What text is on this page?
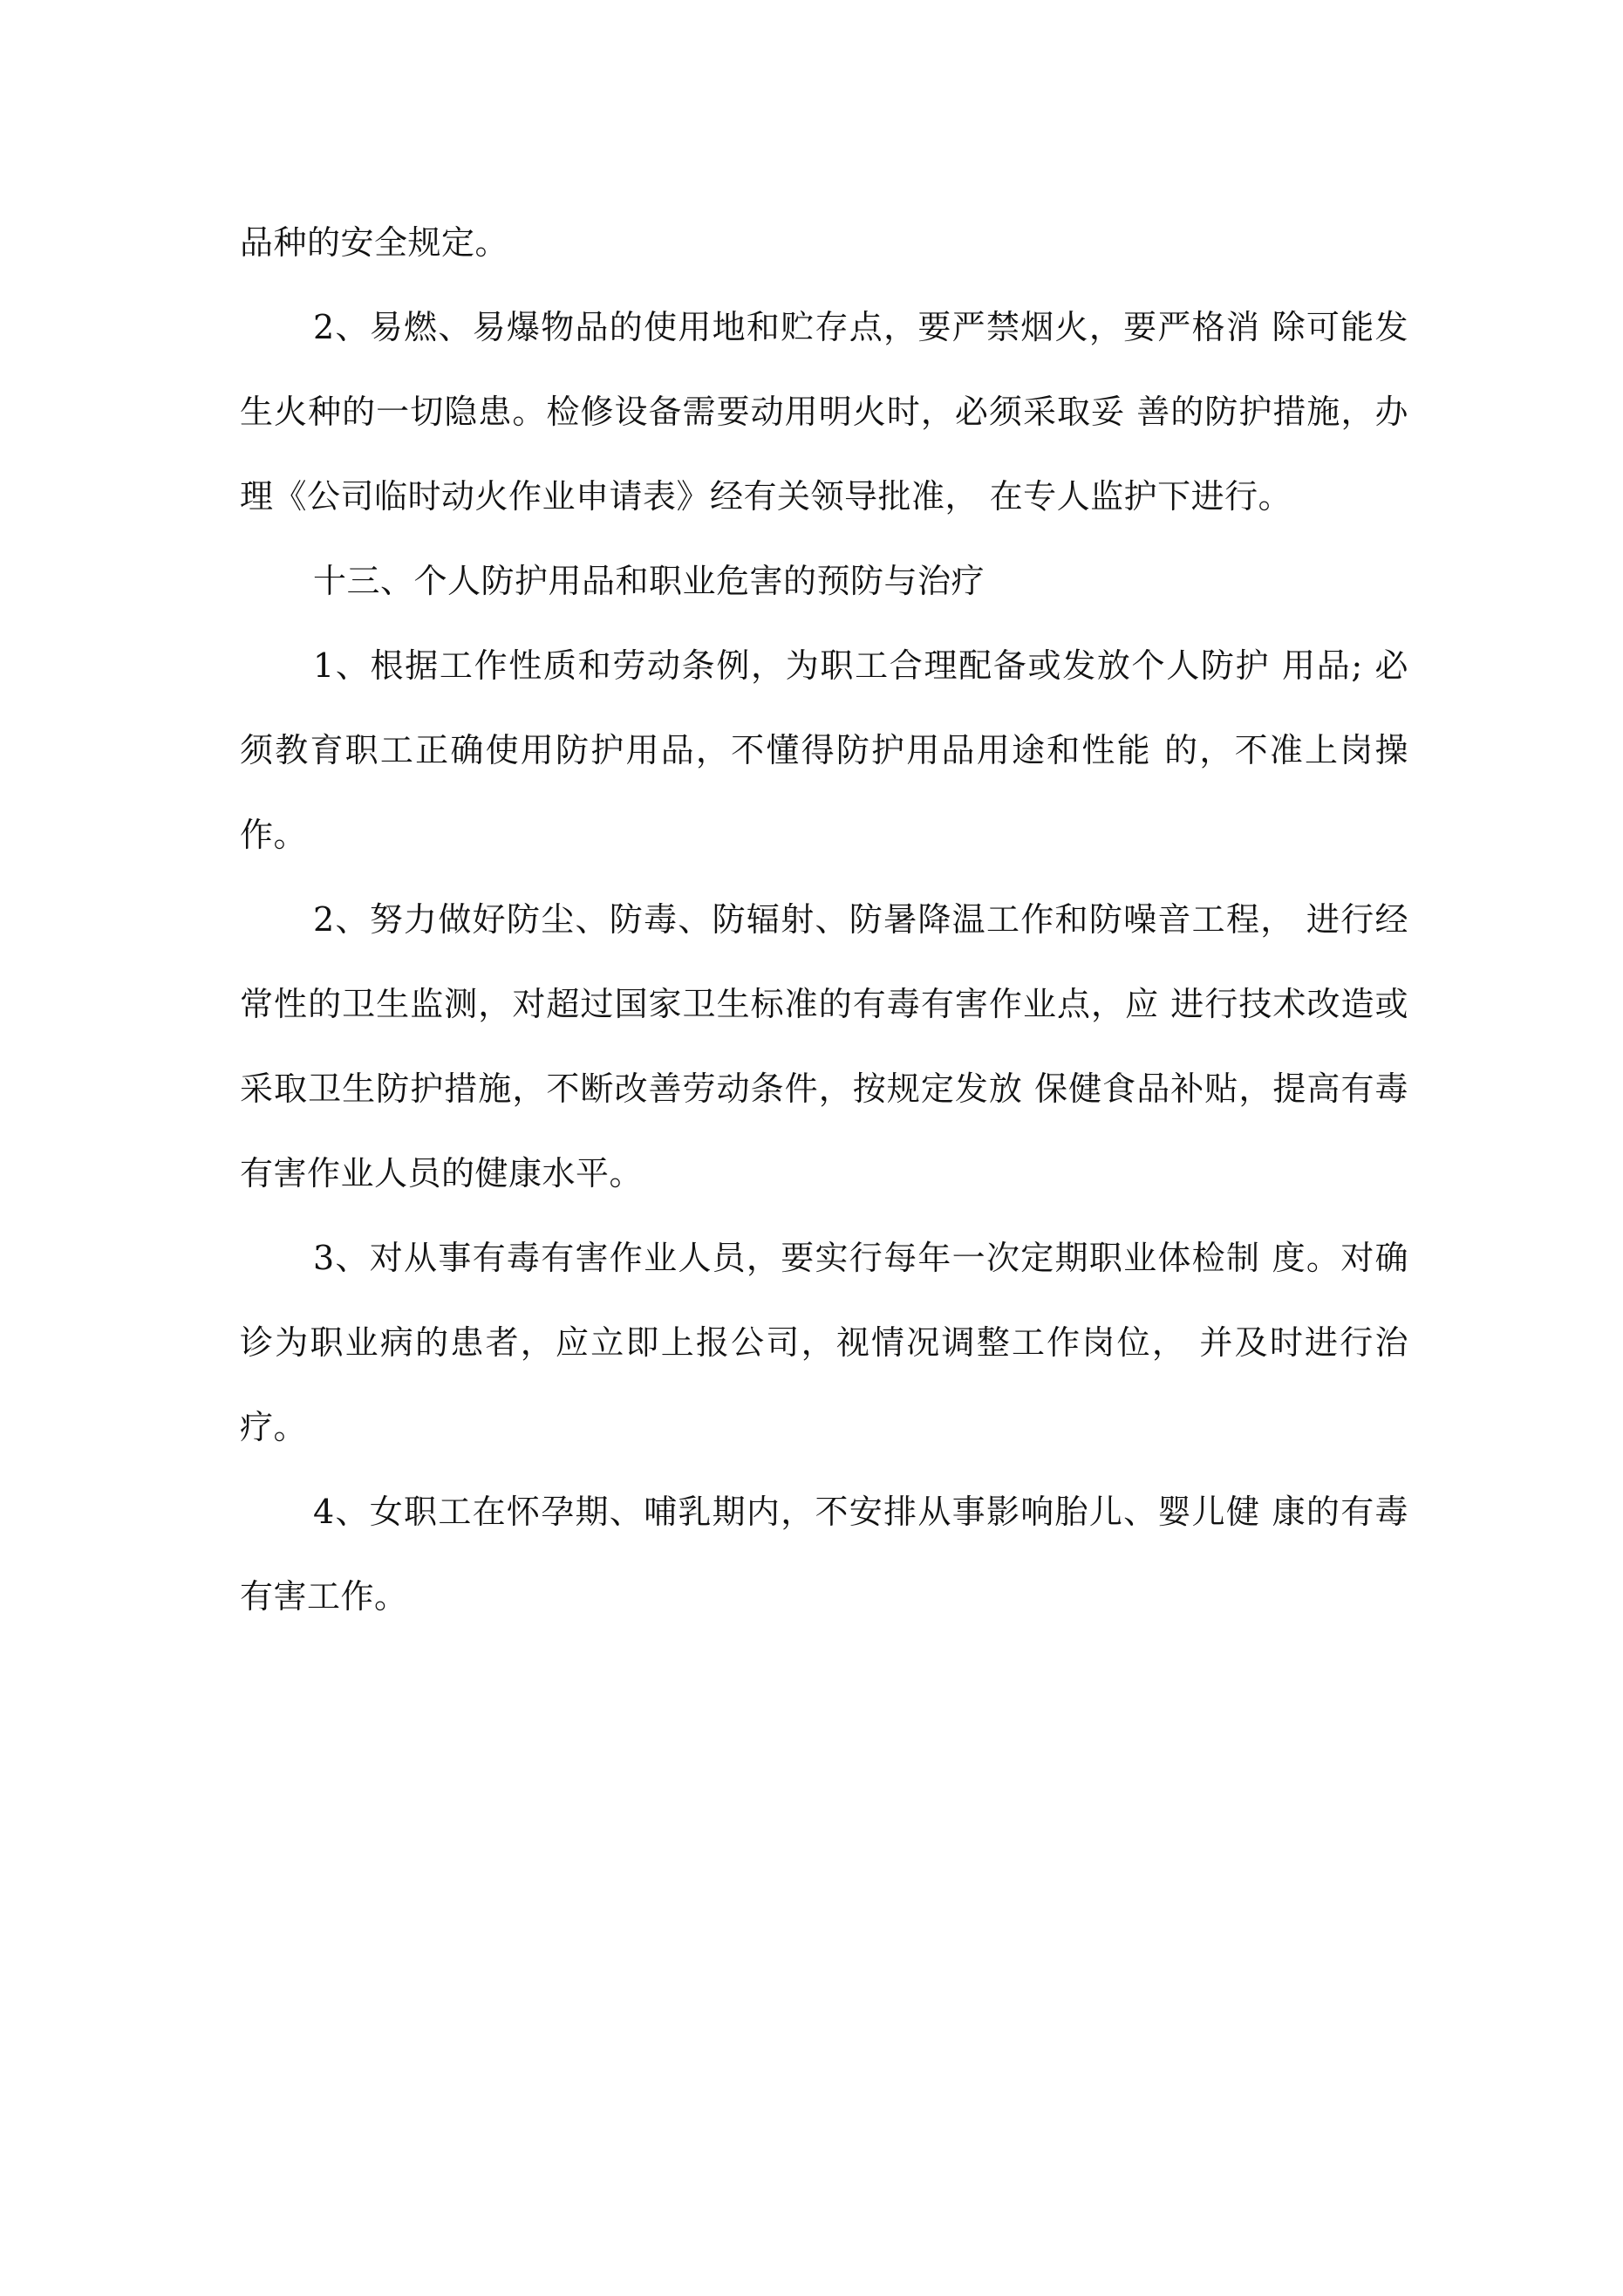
品种的安全规定。

2、易燃、易爆物品的使用地和贮存点，要严禁烟火，要严格消 除可能发生火种的一切隐患。检修设备需要动用明火时，必须采取妥 善的防护措施，办理《公司临时动火作业申请表》经有关领导批准， 在专人监护下进行。

十三、个人防护用品和职业危害的预防与治疗

1、根据工作性质和劳动条例，为职工合理配备或发放个人防护 用品; 必须教育职工正确使用防护用品，不懂得防护用品用途和性能 的，不准上岗操作。

2、努力做好防尘、防毒、防辐射、防暑降温工作和防噪音工程， 进行经常性的卫生监测，对超过国家卫生标准的有毒有害作业点，应 进行技术改造或采取卫生防护措施，不断改善劳动条件，按规定发放 保健食品补贴，提高有毒有害作业人员的健康水平。

3、对从事有毒有害作业人员，要实行每年一次定期职业体检制 度。对确诊为职业病的患者，应立即上报公司，视情况调整工作岗位， 并及时进行治疗。

4、女职工在怀孕期、哺乳期内，不安排从事影响胎儿、婴儿健 康的有毒有害工作。
